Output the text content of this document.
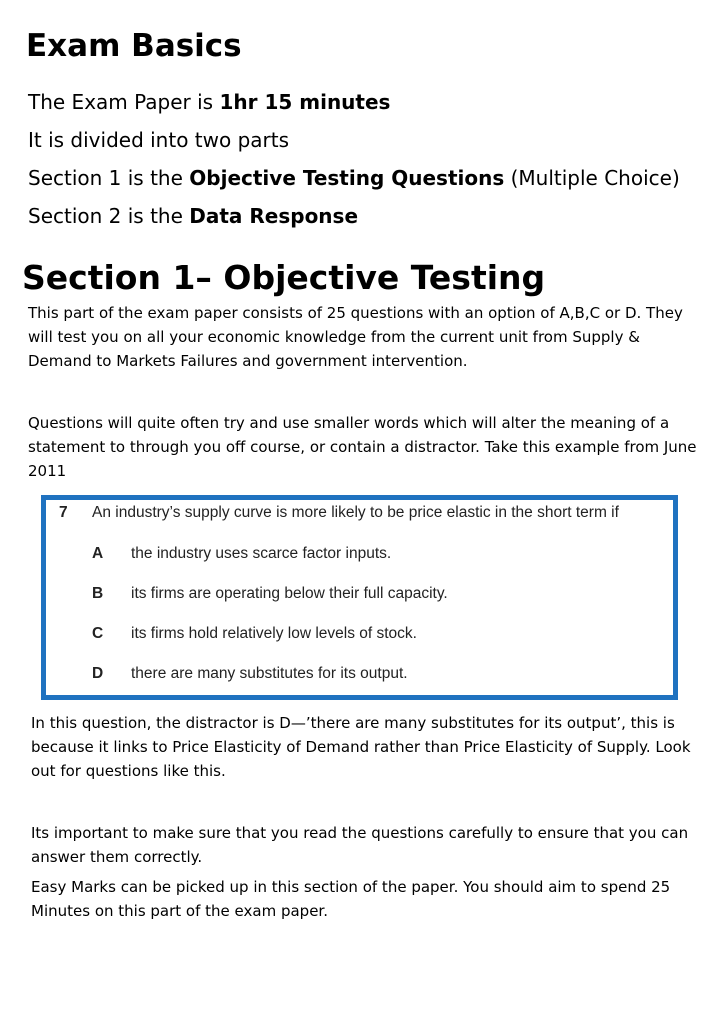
Exam Basics
The Exam Paper is 1hr 15 minutes
It is divided into two parts
Section 1 is the Objective Testing Questions (Multiple Choice)
Section 2 is the Data Response
Section 1– Objective Testing

This part of the exam paper consists of 25 questions with an option of A,B,C or D. They will test you on all your economic knowledge from the current unit from Supply & Demand to Markets Failures and government intervention.

Questions will quite often try and use smaller words which will alter the meaning of a statement to through you off course, or contain a distractor. Take this example from June 2011

7 An industry’s supply curve is more likely to be price elastic in the short term if
A the industry uses scarce factor inputs.
B its firms are operating below their full capacity.
C its firms hold relatively low levels of stock.
D there are many substitutes for its output.

In this question, the distractor is D—’there are many substitutes for its output’, this is because it links to Price Elasticity of Demand rather than Price Elasticity of Supply. Look out for questions like this.

Its important to make sure that you read the questions carefully to ensure that you can answer them correctly.

Easy Marks can be picked up in this section of the paper. You should aim to spend 25 Minutes on this part of the exam paper.
